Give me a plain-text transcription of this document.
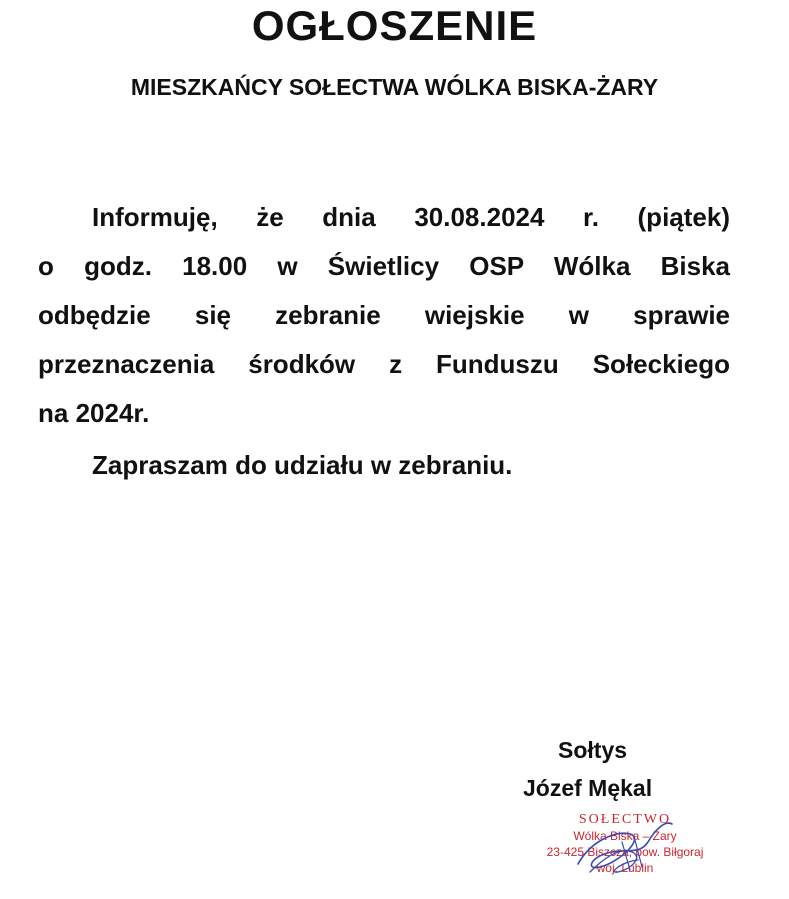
OGŁOSZENIE
MIESZKAŃCY SOŁECTWA WÓLKA BISKA-ŻARY
Informuję, że dnia 30.08.2024 r. (piątek)
o godz. 18.00 w Świetlicy OSP Wólka Biska
odbędzie się zebranie wiejskie w sprawie
przeznaczenia środków z Funduszu Sołeckiego
na 2024r.
Zapraszam do udziału w zebraniu.
Sołtys
Józef Mękal
SOŁECTWO
Wólka Biska – Żary
23-425 Biszcza, pow. Biłgoraj
woj. Lublin
